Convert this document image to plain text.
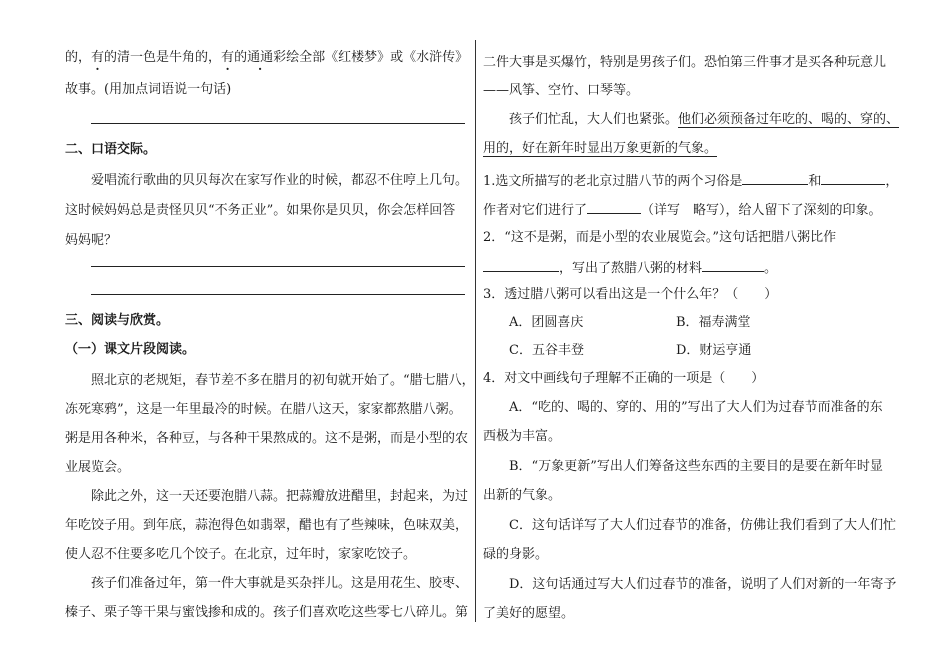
的，有的清一色是牛角的，有的通通彩绘全部《红楼梦》或《水浒传》
故事。(用加点词语说一句话)
二、口语交际。
爱唱流行歌曲的贝贝每次在家写作业的时候，都忍不住哼上几句。
这时候妈妈总是责怪贝贝“不务正业”。如果你是贝贝，你会怎样回答
妈妈呢？
三、阅读与欣赏。
（一）课文片段阅读。
照北京的老规矩，春节差不多在腊月的初旬就开始了。“腊七腊八，
冻死寒鸦”，这是一年里最冷的时候。在腊八这天，家家都熬腊八粥。
粥是用各种米，各种豆，与各种干果熬成的。这不是粥，而是小型的农
业展览会。
除此之外，这一天还要泡腊八蒜。把蒜瓣放进醋里，封起来，为过
年吃饺子用。到年底，蒜泡得色如翡翠，醋也有了些辣味，色味双美，
使人忍不住要多吃几个饺子。在北京，过年时，家家吃饺子。
孩子们准备过年，第一件大事就是买杂拌儿。这是用花生、胶枣、
榛子、栗子等干果与蜜饯掺和成的。孩子们喜欢吃这些零七八碎儿。第
二件大事是买爆竹，特别是男孩子们。恐怕第三件事才是买各种玩意儿
——风筝、空竹、口琴等。
孩子们忙乱，大人们也紧张。他们必须预备过年吃的、喝的、穿的、
用的，好在新年时显出万象更新的气象。
1.选文所描写的老北京过腊八节的两个习俗是	和	，
作者对它们进行了	（详写　略写），给人留下了深刻的印象。
2．“这不是粥，而是小型的农业展览会。”这句话把腊八粥比作
，写出了熬腊八粥的材料	。
3．透过腊八粥可以看出这是一个什么年？（　　）
A．团圆喜庆	B．福寿满堂
C．五谷丰登	D．财运亨通
4．对文中画线句子理解不正确的一项是（　　）
A．“吃的、喝的、穿的、用的”写出了大人们为过春节而准备的东
西极为丰富。
B．“万象更新”写出人们筹备这些东西的主要目的是要在新年时显
出新的气象。
C．这句话详写了大人们过春节的准备，仿佛让我们看到了大人们忙
碌的身影。
D．这句话通过写大人们过春节的准备，说明了人们对新的一年寄予
了美好的愿望。
